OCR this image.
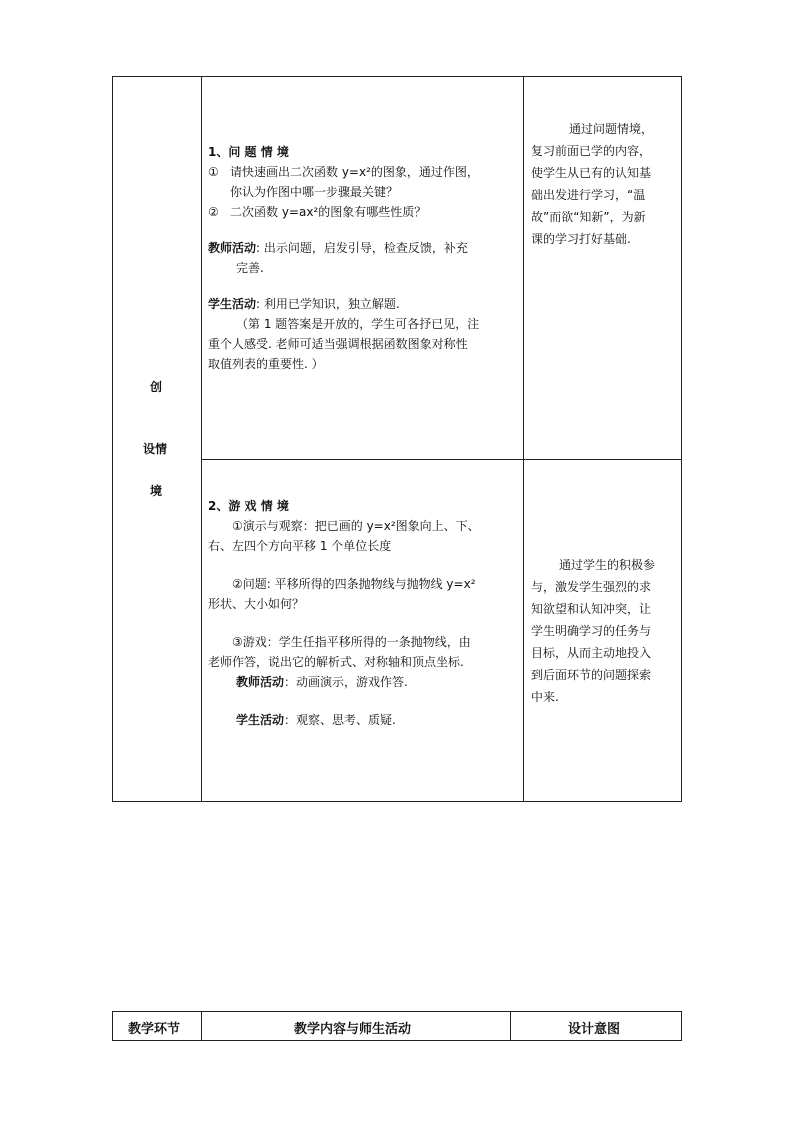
创
设情
境
1、问 题 情 境
① 请快速画出二次函数 y=x²的图象，通过作图，
你认为作图中哪一步骤最关键？
② 二次函数 y=ax²的图象有哪些性质？
教师活动: 出示问题，启发引导，检查反馈，补充
完善.
学生活动: 利用已学知识，独立解题.
（第 1 题答案是开放的，学生可各抒已见，注
重个人感受. 老师可适当强调根据函数图象对称性
取值列表的重要性. ）
通过问题情境，
复习前面已学的内容，
使学生从已有的认知基
础出发进行学习，“温
故”而欲“知新”，为新
课的学习打好基础.
2、游 戏 情 境
①演示与观察：把已画的 y=x²图象向上、下、
右、左四个方向平移 1 个单位长度
②问题: 平移所得的四条抛物线与抛物线 y=x²
形状、大小如何？
③游戏：学生任指平移所得的一条抛物线，由
老师作答，说出它的解析式、对称轴和顶点坐标.
教师活动：动画演示，游戏作答.
学生活动：观察、思考、质疑.
通过学生的积极参
与，激发学生强烈的求
知欲望和认知冲突，让
学生明确学习的任务与
目标，从而主动地投入
到后面环节的问题探索
中来.
教学环节	教学内容与师生活动	设计意图
